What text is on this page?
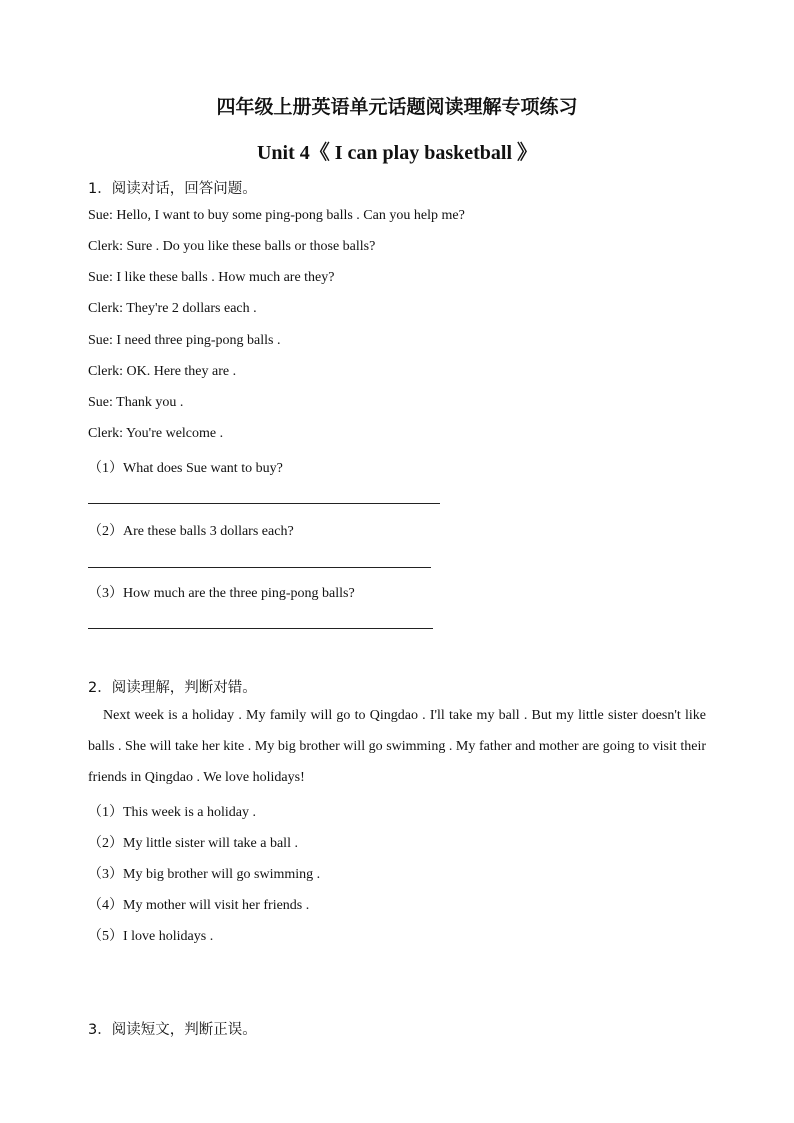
四年级上册英语单元话题阅读理解专项练习
Unit 4《 I can play basketball 》
1．阅读对话，回答问题。
Sue: Hello, I want to buy some ping-pong balls . Can you help me?
Clerk: Sure . Do you like these balls or those balls?
Sue: I like these balls . How much are they?
Clerk: They're 2 dollars each .
Sue: I need three ping-pong balls .
Clerk: OK. Here they are .
Sue: Thank you .
Clerk: You're welcome .
（1）What does Sue want to buy?
（2）Are these balls 3 dollars each?
（3）How much are the three ping-pong balls?
2．阅读理解，判断对错。
Next week is a holiday . My family will go to Qingdao . I'll take my ball . But my little sister doesn't like balls . She will take her kite . My big brother will go swimming . My father and mother are going to visit their friends in Qingdao . We love holidays!
（1）This week is a holiday .
（2）My little sister will take a ball .
（3）My big brother will go swimming .
（4）My mother will visit her friends .
（5）I love holidays .
3．阅读短文，判断正误。
